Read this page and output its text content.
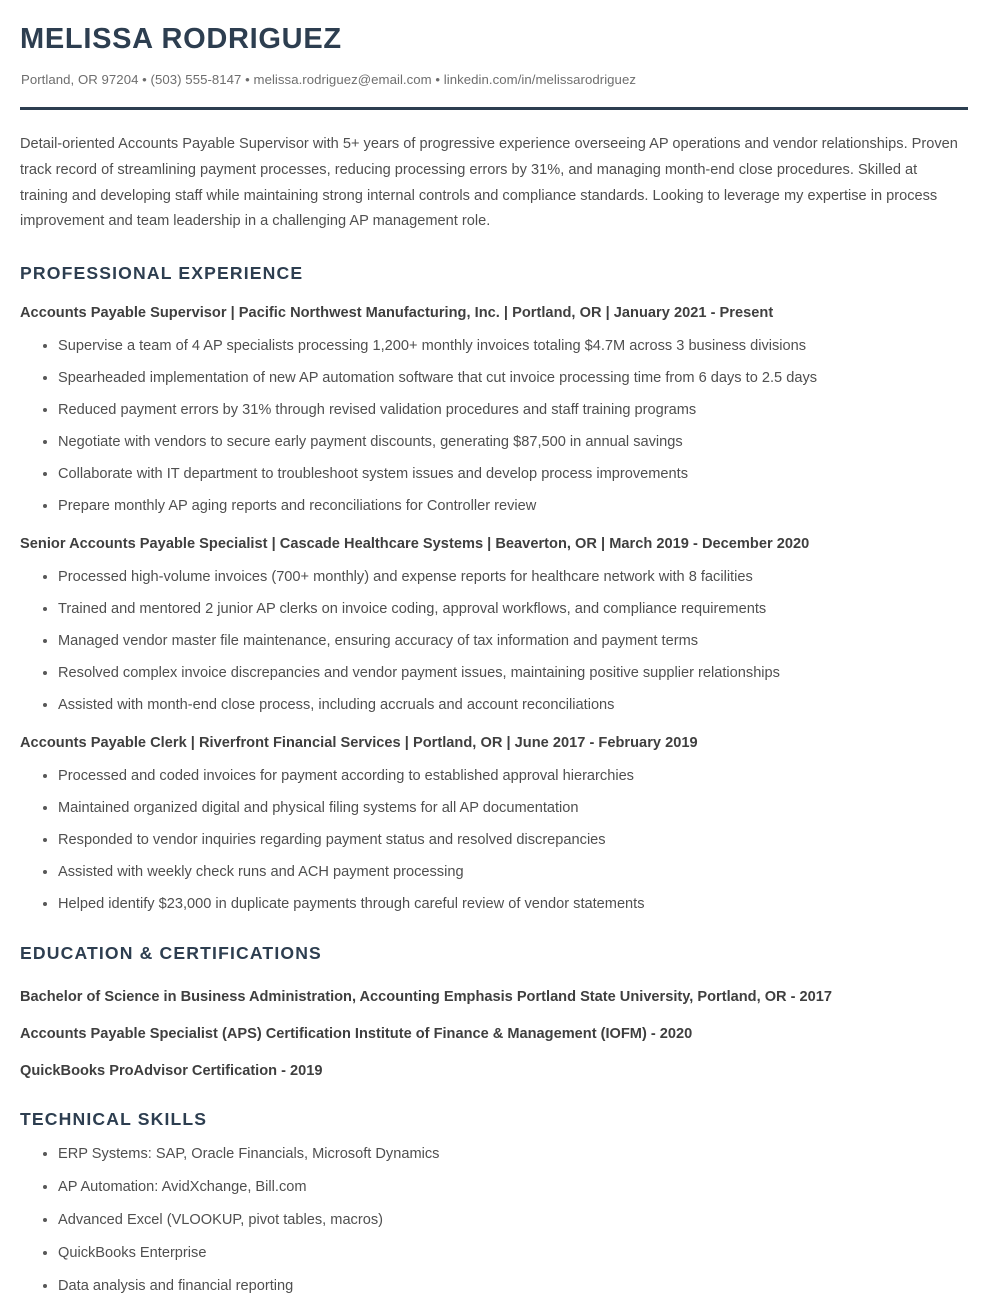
MELISSA RODRIGUEZ

Portland, OR 97204 • (503) 555-8147 • melissa.rodriguez@email.com • linkedin.com/in/melissarodriguez

Detail-oriented Accounts Payable Supervisor with 5+ years of progressive experience overseeing AP operations and vendor relationships. Proven track record of streamlining payment processes, reducing processing errors by 31%, and managing month-end close procedures. Skilled at training and developing staff while maintaining strong internal controls and compliance standards. Looking to leverage my expertise in process improvement and team leadership in a challenging AP management role.

PROFESSIONAL EXPERIENCE

Accounts Payable Supervisor | Pacific Northwest Manufacturing, Inc. | Portland, OR | January 2021 - Present

Supervise a team of 4 AP specialists processing 1,200+ monthly invoices totaling $4.7M across 3 business divisions
Spearheaded implementation of new AP automation software that cut invoice processing time from 6 days to 2.5 days
Reduced payment errors by 31% through revised validation procedures and staff training programs
Negotiate with vendors to secure early payment discounts, generating $87,500 in annual savings
Collaborate with IT department to troubleshoot system issues and develop process improvements
Prepare monthly AP aging reports and reconciliations for Controller review

Senior Accounts Payable Specialist | Cascade Healthcare Systems | Beaverton, OR | March 2019 - December 2020

Processed high-volume invoices (700+ monthly) and expense reports for healthcare network with 8 facilities
Trained and mentored 2 junior AP clerks on invoice coding, approval workflows, and compliance requirements
Managed vendor master file maintenance, ensuring accuracy of tax information and payment terms
Resolved complex invoice discrepancies and vendor payment issues, maintaining positive supplier relationships
Assisted with month-end close process, including accruals and account reconciliations

Accounts Payable Clerk | Riverfront Financial Services | Portland, OR | June 2017 - February 2019

Processed and coded invoices for payment according to established approval hierarchies
Maintained organized digital and physical filing systems for all AP documentation
Responded to vendor inquiries regarding payment status and resolved discrepancies
Assisted with weekly check runs and ACH payment processing
Helped identify $23,000 in duplicate payments through careful review of vendor statements
EDUCATION & CERTIFICATIONS

Bachelor of Science in Business Administration, Accounting Emphasis Portland State University, Portland, OR - 2017

Accounts Payable Specialist (APS) Certification Institute of Finance & Management (IOFM) - 2020

QuickBooks ProAdvisor Certification - 2019

TECHNICAL SKILLS
ERP Systems: SAP, Oracle Financials, Microsoft Dynamics
AP Automation: AvidXchange, Bill.com
Advanced Excel (VLOOKUP, pivot tables, macros)
QuickBooks Enterprise
Data analysis and financial reporting
